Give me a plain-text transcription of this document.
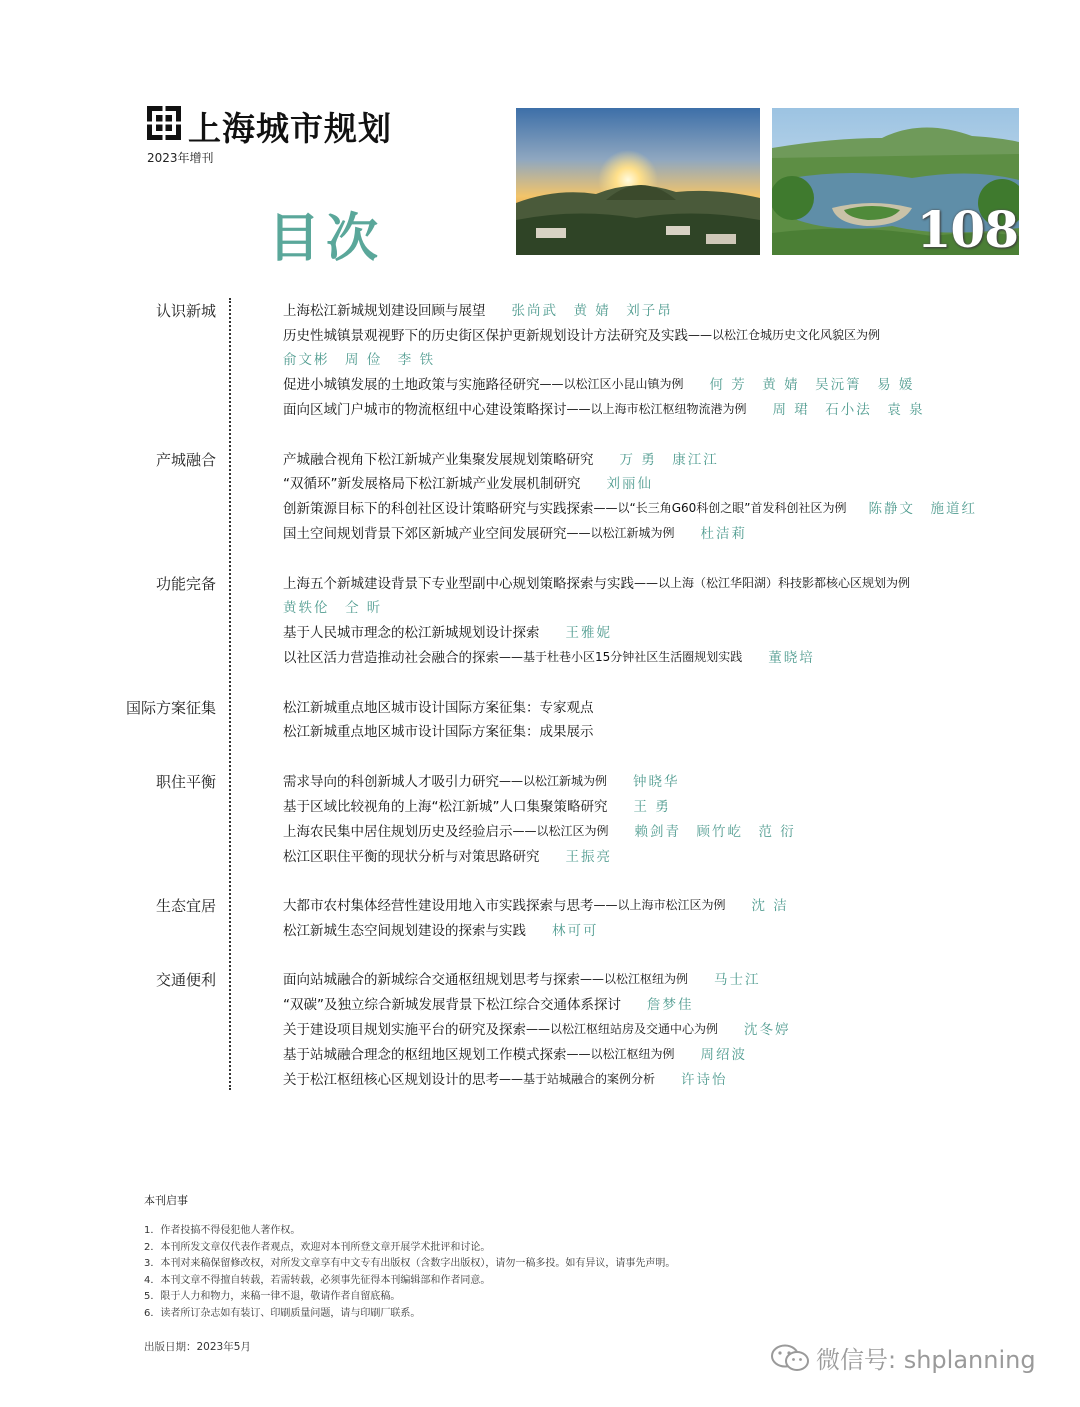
上海城市规划
2023年增刊
目次	108
认识新城	上海松江新城规划建设回顾与展望 张尚武　黄 婧　刘子昂
历史性城镇景观视野下的历史街区保护更新规划设计方法研究及实践 ——以松江仓城历史文化风貌区为例
俞文彬　周 俭　李 铁
促进小城镇发展的土地政策与实施路径研究 ——以松江区小昆山镇为例 何 芳　黄 婧　吴沅箐　易 媛
面向区域门户城市的物流枢纽中心建设策略探讨 ——以上海市松江枢纽物流港为例 周 珺　石小法　袁 泉
产城融合	产城融合视角下松江新城产业集聚发展规划策略研究 万 勇　康江江
“双循环”新发展格局下松江新城产业发展机制研究 刘丽仙
创新策源目标下的科创社区设计策略研究与实践探索 ——以“长三角G60科创之眼”首发科创社区为例 陈静文　施道红
国土空间规划背景下郊区新城产业空间发展研究 ——以松江新城为例 杜洁莉
功能完备	上海五个新城建设背景下专业型副中心规划策略探索与实践 ——以上海（松江华阳湖）科技影都核心区规划为例
黄轶伦　仝 昕
基于人民城市理念的松江新城规划设计探索 王雅妮
以社区活力营造推动社会融合的探索 ——基于杜巷小区15分钟社区生活圈规划实践 董晓培
国际方案征集	松江新城重点地区城市设计国际方案征集：专家观点
松江新城重点地区城市设计国际方案征集：成果展示
职住平衡	需求导向的科创新城人才吸引力研究 ——以松江新城为例 钟晓华
基于区域比较视角的上海“松江新城”人口集聚策略研究 王 勇
上海农民集中居住规划历史及经验启示 ——以松江区为例 赖剑青　顾竹屹　范 衍
松江区职住平衡的现状分析与对策思路研究 王振亮
生态宜居	大都市农村集体经营性建设用地入市实践探索与思考 ——以上海市松江区为例 沈 洁
松江新城生态空间规划建设的探索与实践 林可可
交通便利	面向站城融合的新城综合交通枢纽规划思考与探索 ——以松江枢纽为例 马士江
“双碳”及独立综合新城发展背景下松江综合交通体系探讨 詹梦佳
关于建设项目规划实施平台的研究及探索 ——以松江枢纽站房及交通中心为例 沈冬婷
基于站城融合理念的枢纽地区规划工作模式探索 ——以松江枢纽为例 周绍波
关于松江枢纽核心区规划设计的思考 ——基于站城融合的案例分析 许诗怡
本刊启事
1．作者投搞不得侵犯他人著作权。
2．本刊所发文章仅代表作者观点，欢迎对本刊所登文章开展学术批评和讨论。
3．本刊对来稿保留修改权，对所发文章享有中文专有出版权（含数字出版权），请勿一稿多投。如有异议，请事先声明。
4．本刊文章不得擅自转载，若需转载，必须事先征得本刊编辑部和作者同意。
5．限于人力和物力，来稿一律不退，敬请作者自留底稿。
6．读者所订杂志如有装订、印刷质量问题，请与印刷厂联系。
出版日期：2023年5月	微信号: shplanning
